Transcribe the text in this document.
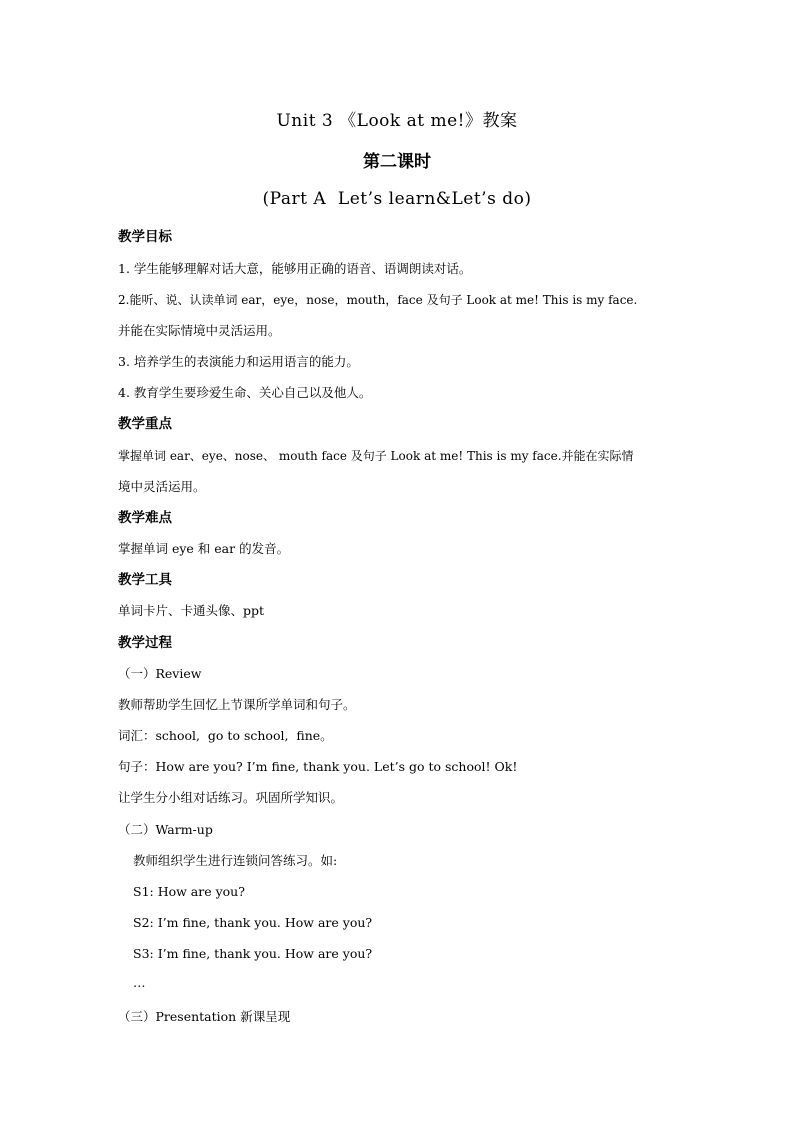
Unit 3 《Look at me!》教案
第二课时
(Part A  Let’s learn&Let’s do)
教学目标
1. 学生能够理解对话大意，能够用正确的语音、语调朗读对话。
2.能听、说、认读单词 ear，eye，nose，mouth，face 及句子 Look at me! This is my face.
并能在实际情境中灵活运用。
3. 培养学生的表演能力和运用语言的能力。
4. 教育学生要珍爱生命、关心自己以及他人。
教学重点
掌握单词 ear、eye、nose、 mouth face 及句子 Look at me! This is my face.并能在实际情
境中灵活运用。
教学难点
掌握单词 eye 和 ear 的发音。
教学工具
单词卡片、卡通头像、ppt
教学过程
（一）Review
教师帮助学生回忆上节课所学单词和句子。
词汇：school,  go to school,  fine。
句子：How are you? I’m fine, thank you. Let’s go to school! Ok!
让学生分小组对话练习。巩固所学知识。
（二）Warm-up
教师组织学生进行连锁问答练习。如:
S1: How are you?
S2: I’m fine, thank you. How are you?
S3: I’m fine, thank you. How are you?
…
（三）Presentation 新课呈现
